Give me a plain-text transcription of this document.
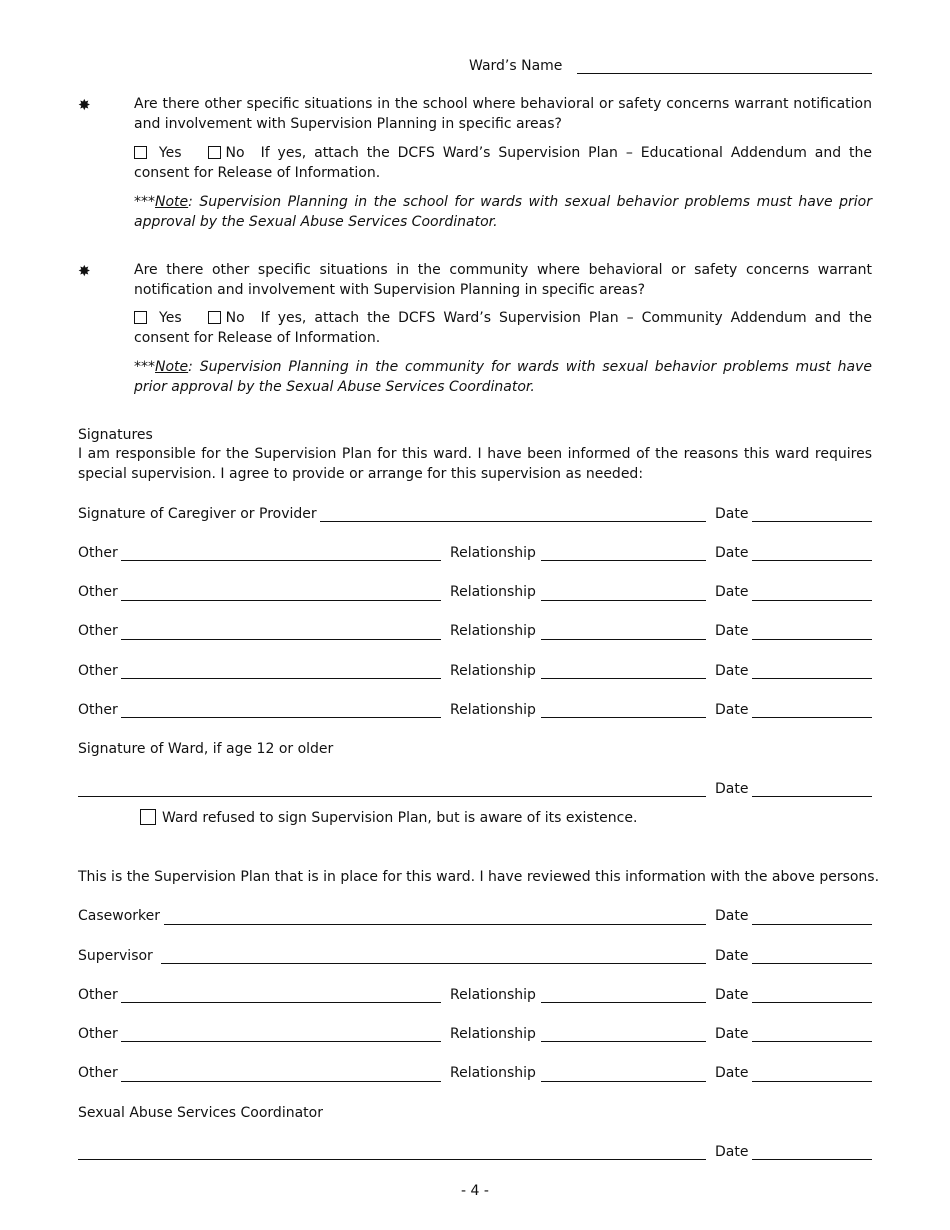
Ward’s Name
✸	Are there other specific situations in the school where behavioral or safety concerns warrant notification and involvement with Supervision Planning in specific areas?
Yes	No If yes, attach the DCFS Ward’s Supervision Plan – Educational Addendum and the consent for Release of Information.
***Note: Supervision Planning in the school for wards with sexual behavior problems must have prior approval by the Sexual Abuse Services Coordinator.
✸	Are there other specific situations in the community where behavioral or safety concerns warrant notification and involvement with Supervision Planning in specific areas?
Yes	No If yes, attach the DCFS Ward’s Supervision Plan – Community Addendum and the consent for Release of Information.
***Note: Supervision Planning in the community for wards with sexual behavior problems must have prior approval by the Sexual Abuse Services Coordinator.
Signatures
I am responsible for the Supervision Plan for this ward. I have been informed of the reasons this ward requires special supervision. I agree to provide or arrange for this supervision as needed:
Signature of Caregiver or Provider	Date
Other	Relationship	Date
Other	Relationship	Date
Other	Relationship	Date
Other	Relationship	Date
Other	Relationship	Date
Signature of Ward, if age 12 or older
Date
Ward refused to sign Supervision Plan, but is aware of its existence.
This is the Supervision Plan that is in place for this ward. I have reviewed this information with the above persons.
Caseworker	Date
Supervisor	Date
Other	Relationship	Date
Other	Relationship	Date
Other	Relationship	Date
Sexual Abuse Services Coordinator
Date
- 4 -
